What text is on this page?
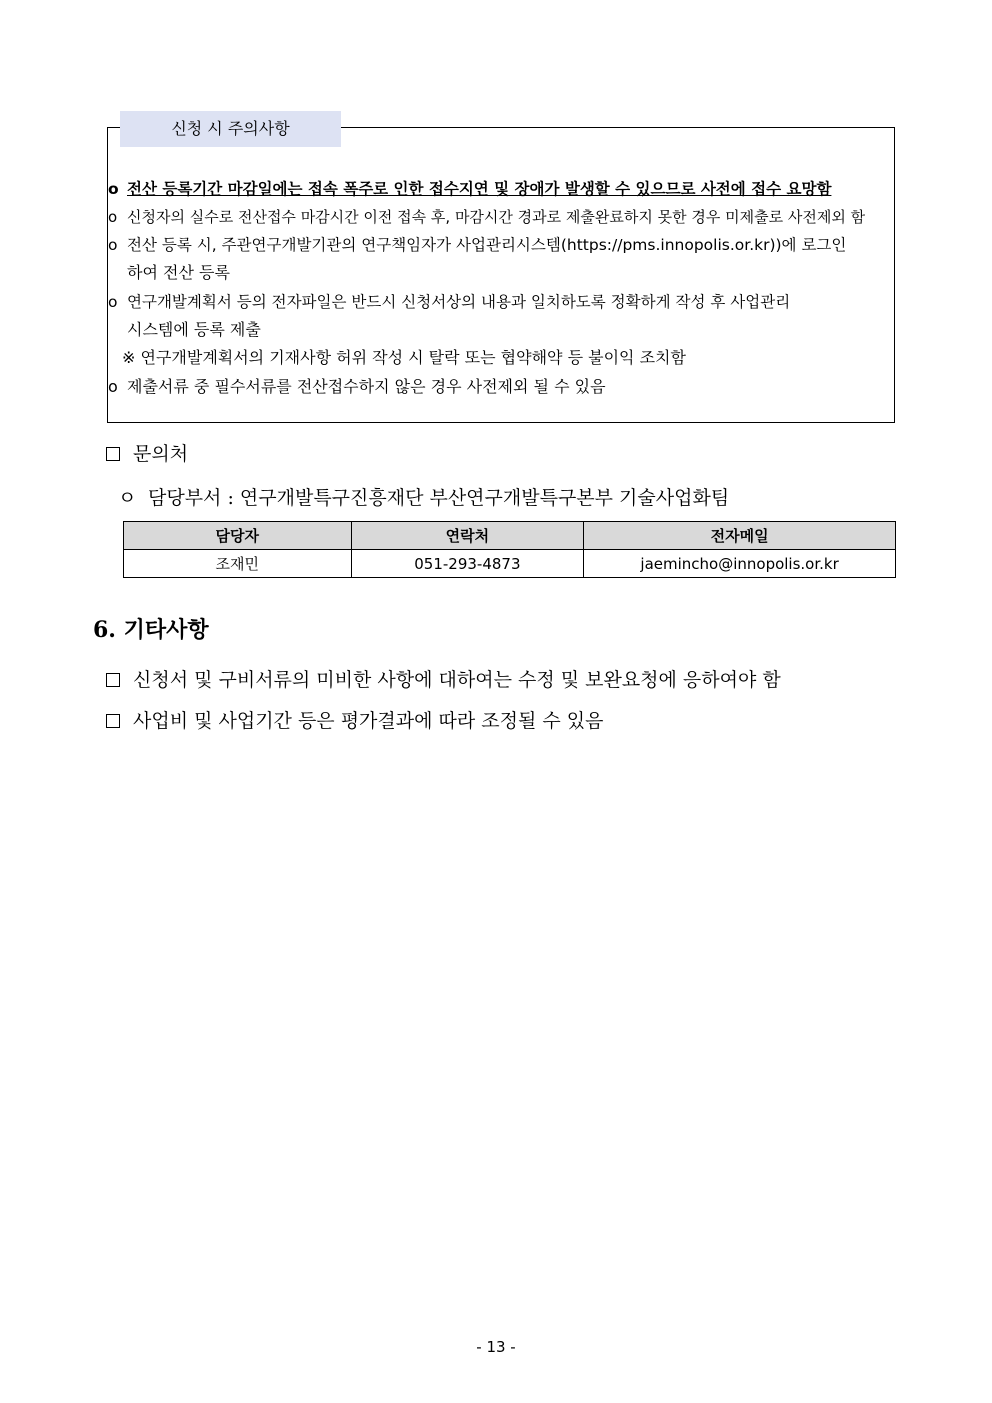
신청 시 주의사항
o 전산 등록기간 마감일에는 접속 폭주로 인한 접수지연 및 장애가 발생할 수 있으므로 사전에 접수 요망함
o 신청자의 실수로 전산접수 마감시간 이전 접속 후, 마감시간 경과로 제출완료하지 못한 경우 미제출로 사전제외 함
o 전산 등록 시, 주관연구개발기관의 연구책임자가 사업관리시스템(https://pms.innopolis.or.kr))에 로그인
하여 전산 등록
o 연구개발계획서 등의 전자파일은 반드시 신청서상의 내용과 일치하도록 정확하게 작성 후 사업관리
시스템에 등록 제출
※ 연구개발계획서의 기재사항 허위 작성 시 탈락 또는 협약해약 등 불이익 조치함
o 제출서류 중 필수서류를 전산접수하지 않은 경우 사전제외 될 수 있음
문의처
ㅇ 담당부서 : 연구개발특구진흥재단 부산연구개발특구본부 기술사업화팀
담당자	연락처	전자메일
조재민	051-293-4873	jaemincho@innopolis.or.kr
6. 기타사항
신청서 및 구비서류의 미비한 사항에 대하여는 수정 및 보완요청에 응하여야 함
사업비 및 사업기간 등은 평가결과에 따라 조정될 수 있음
- 13 -
